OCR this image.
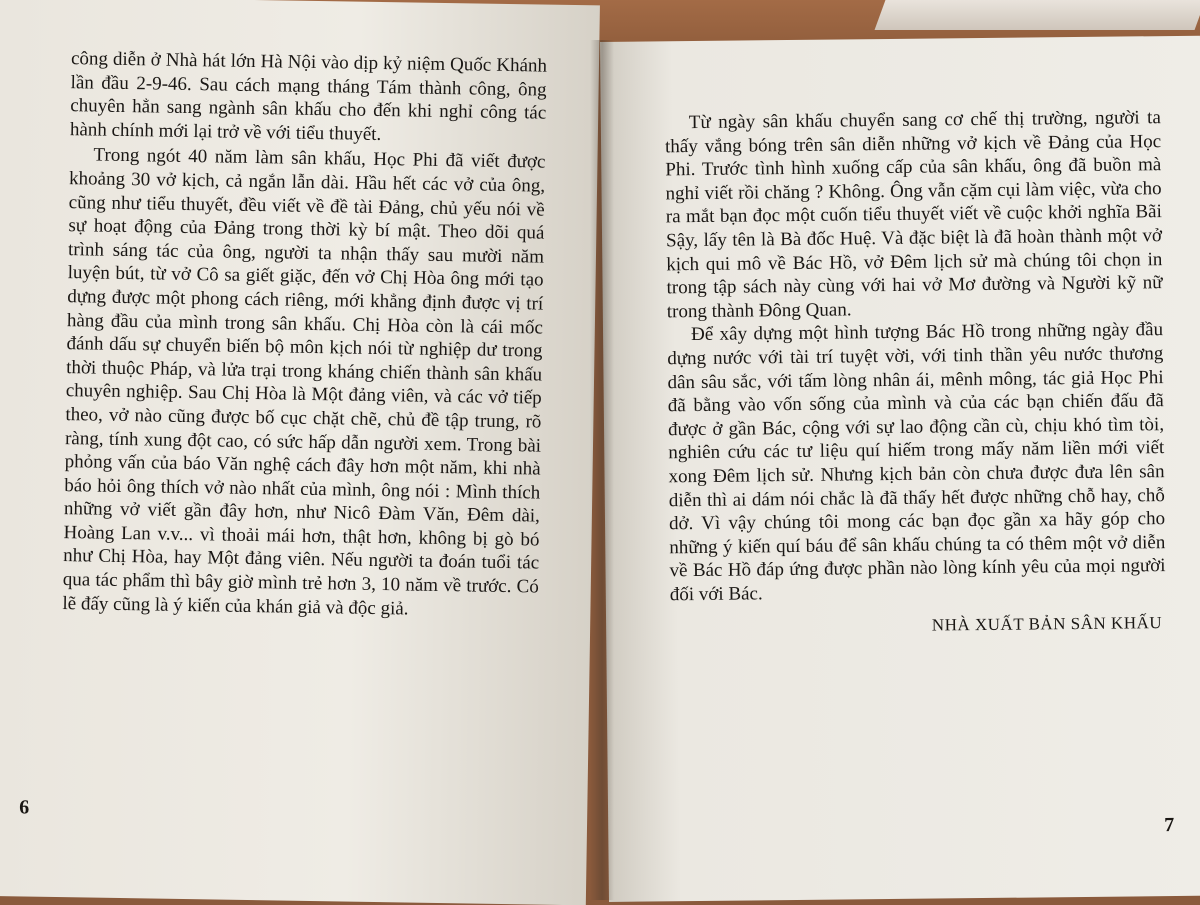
công diễn ở Nhà hát lớn Hà Nội vào dịp kỷ niệm Quốc Khánh lần đầu 2-9-46. Sau cách mạng tháng Tám thành công, ông chuyên hẳn sang ngành sân khấu cho đến khi nghỉ công tác hành chính mới lại trở về với tiểu thuyết.

Trong ngót 40 năm làm sân khấu, Học Phi đã viết được khoảng 30 vở kịch, cả ngắn lẫn dài. Hầu hết các vở của ông, cũng như tiểu thuyết, đều viết về đề tài Đảng, chủ yếu nói về sự hoạt động của Đảng trong thời kỳ bí mật. Theo dõi quá trình sáng tác của ông, người ta nhận thấy sau mười năm luyện bút, từ vở Cô sa giết giặc, đến vở Chị Hòa ông mới tạo dựng được một phong cách riêng, mới khẳng định được vị trí hàng đầu của mình trong sân khấu. Chị Hòa còn là cái mốc đánh dấu sự chuyển biến bộ môn kịch nói từ nghiệp dư trong thời thuộc Pháp, và lửa trại trong kháng chiến thành sân khấu chuyên nghiệp. Sau Chị Hòa là Một đảng viên, và các vở tiếp theo, vở nào cũng được bố cục chặt chẽ, chủ đề tập trung, rõ ràng, tính xung đột cao, có sức hấp dẫn người xem. Trong bài phỏng vấn của báo Văn nghệ cách đây hơn một năm, khi nhà báo hỏi ông thích vở nào nhất của mình, ông nói : Mình thích những vở viết gần đây hơn, như Nicô Đàm Văn, Đêm dài, Hoàng Lan v.v... vì thoải mái hơn, thật hơn, không bị gò bó như Chị Hòa, hay Một đảng viên. Nếu người ta đoán tuổi tác qua tác phẩm thì bây giờ mình trẻ hơn 3, 10 năm về trước. Có lẽ đấy cũng là ý kiến của khán giả và độc giả.

6

Từ ngày sân khấu chuyển sang cơ chế thị trường, người ta thấy vắng bóng trên sân diễn những vở kịch về Đảng của Học Phi. Trước tình hình xuống cấp của sân khấu, ông đã buồn mà nghỉ viết rồi chăng ? Không. Ông vẫn cặm cụi làm việc, vừa cho ra mắt bạn đọc một cuốn tiểu thuyết viết về cuộc khởi nghĩa Bãi Sậy, lấy tên là Bà đốc Huệ. Và đặc biệt là đã hoàn thành một vở kịch qui mô về Bác Hồ, vở Đêm lịch sử mà chúng tôi chọn in trong tập sách này cùng với hai vở Mơ đường và Người kỹ nữ trong thành Đông Quan.

Để xây dựng một hình tượng Bác Hồ trong những ngày đầu dựng nước với tài trí tuyệt vời, với tinh thần yêu nước thương dân sâu sắc, với tấm lòng nhân ái, mênh mông, tác giả Học Phi đã bằng vào vốn sống của mình và của các bạn chiến đấu đã được ở gần Bác, cộng với sự lao động cần cù, chịu khó tìm tòi, nghiên cứu các tư liệu quí hiếm trong mấy năm liền mới viết xong Đêm lịch sử. Nhưng kịch bản còn chưa được đưa lên sân diễn thì ai dám nói chắc là đã thấy hết được những chỗ hay, chỗ dở. Vì vậy chúng tôi mong các bạn đọc gần xa hãy góp cho những ý kiến quí báu để sân khấu chúng ta có thêm một vở diễn về Bác Hồ đáp ứng được phần nào lòng kính yêu của mọi người đối với Bác.

NHÀ XUẤT BẢN SÂN KHẤU
7
